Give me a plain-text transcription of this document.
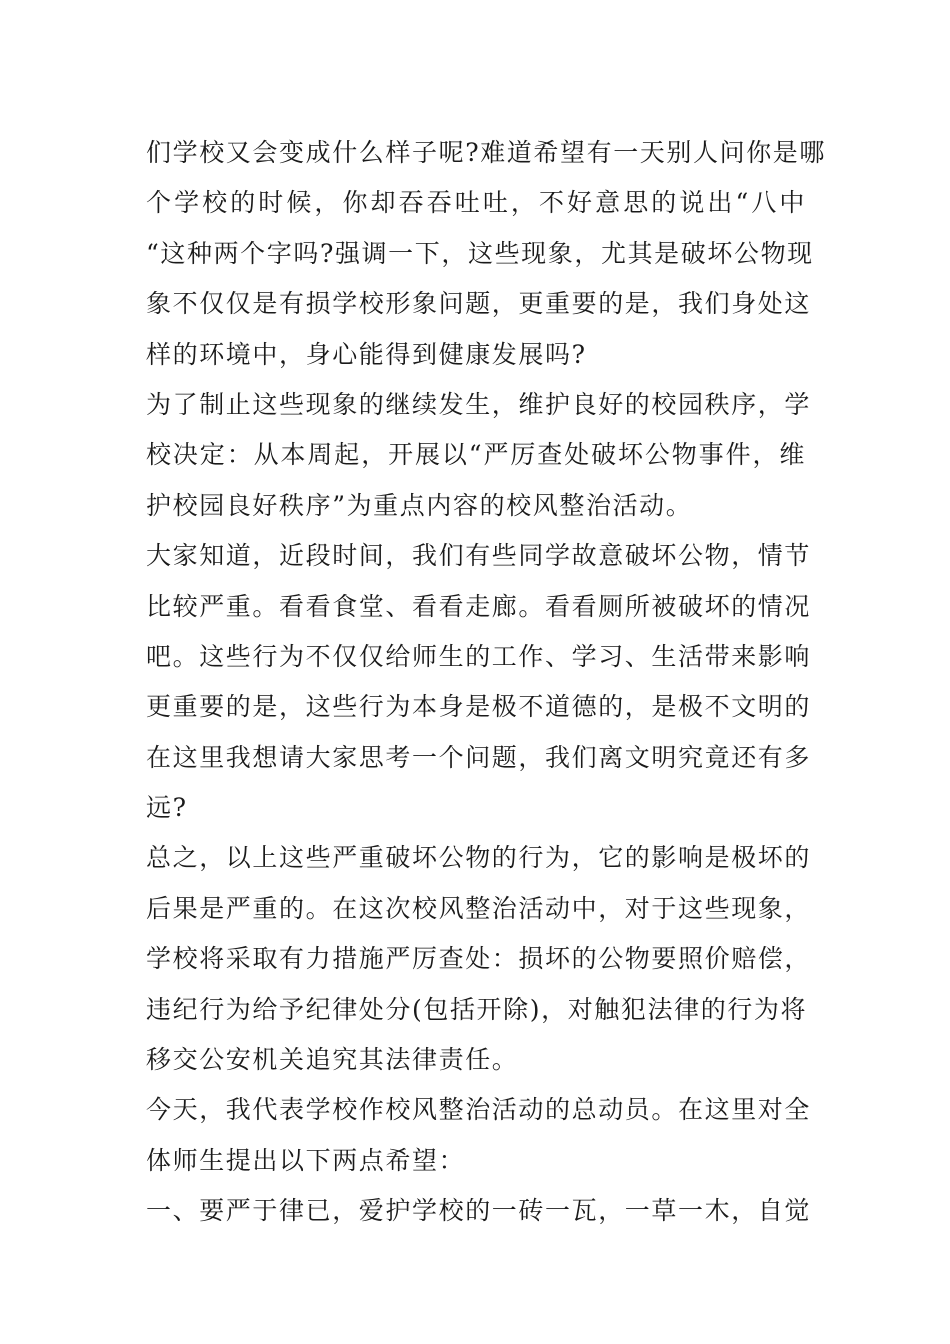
们学校又会变成什么样子呢?难道希望有一天别人问你是哪
个学校的时候，你却吞吞吐吐，不好意思的说出“八中
“这种两个字吗?强调一下，这些现象，尤其是破坏公物现
象不仅仅是有损学校形象问题，更重要的是，我们身处这
样的环境中，身心能得到健康发展吗?
为了制止这些现象的继续发生，维护良好的校园秩序，学
校决定：从本周起，开展以“严厉查处破坏公物事件，维
护校园良好秩序”为重点内容的校风整治活动。
大家知道，近段时间，我们有些同学故意破坏公物，情节
比较严重。看看食堂、看看走廊。看看厕所被破坏的情况
吧。这些行为不仅仅给师生的工作、学习、生活带来影响
更重要的是，这些行为本身是极不道德的，是极不文明的
在这里我想请大家思考一个问题，我们离文明究竟还有多
远?
总之，以上这些严重破坏公物的行为，它的影响是极坏的
后果是严重的。在这次校风整治活动中，对于这些现象，
学校将采取有力措施严厉查处：损坏的公物要照价赔偿，
违纪行为给予纪律处分(包括开除)，对触犯法律的行为将
移交公安机关追究其法律责任。
今天，我代表学校作校风整治活动的总动员。在这里对全
体师生提出以下两点希望：
一、要严于律已，爱护学校的一砖一瓦，一草一木，自觉
